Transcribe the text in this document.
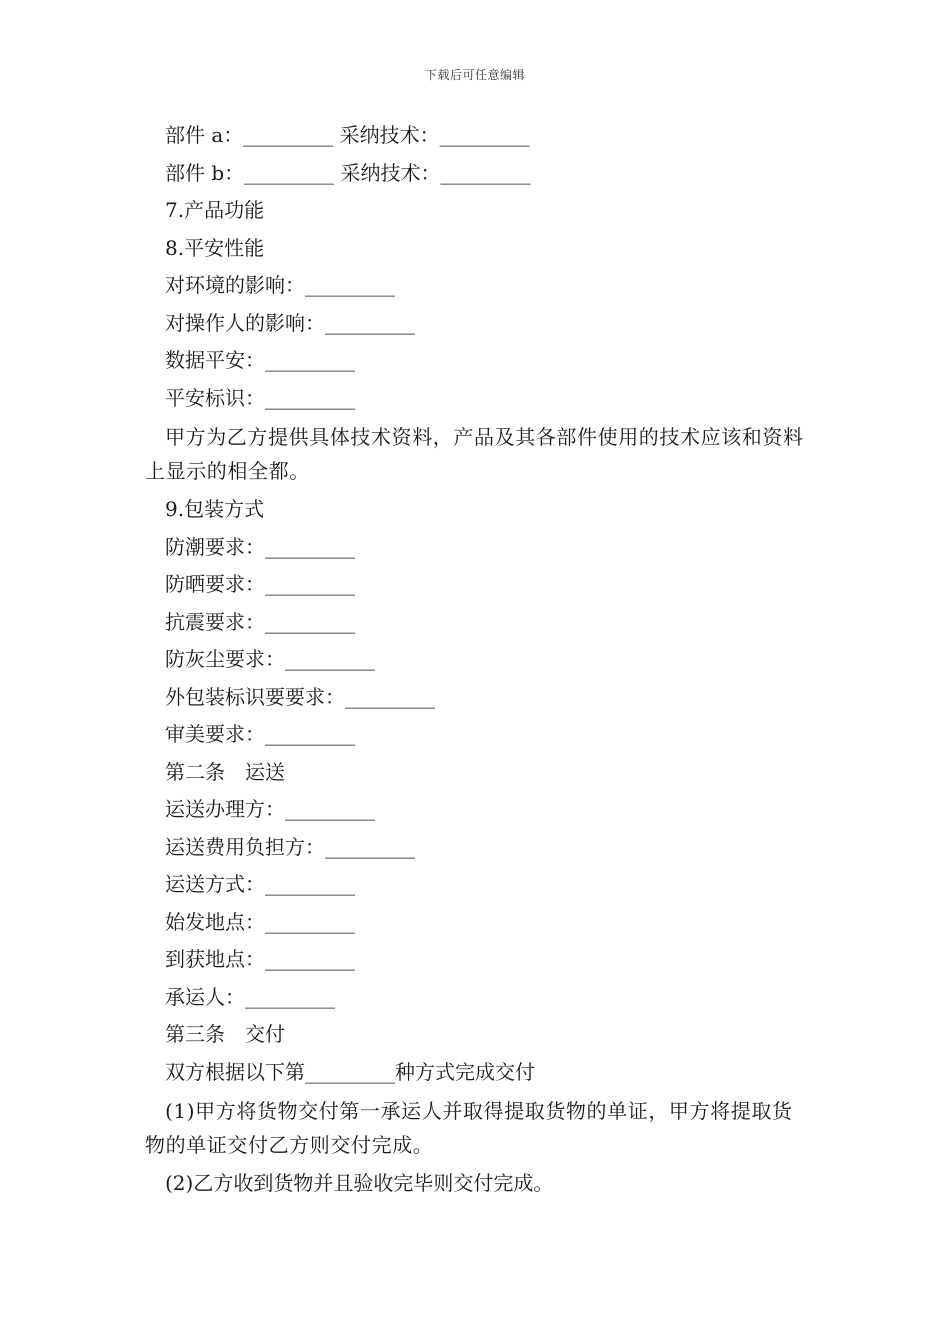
下载后可任意编辑
部件 a：_________ 采纳技术：_________
部件 b：_________ 采纳技术：_________
7.产品功能
8.平安性能
对环境的影响：_________
对操作人的影响：_________
数据平安：_________
平安标识：_________
甲方为乙方提供具体技术资料，产品及其各部件使用的技术应该和资料上显示的相全都。
9.包装方式
防潮要求：_________
防晒要求：_________
抗震要求：_________
防灰尘要求：_________
外包装标识要要求：_________
审美要求：_________
第二条　运送
运送办理方：_________
运送费用负担方：_________
运送方式：_________
始发地点：_________
到获地点：_________
承运人：_________
第三条　交付
双方根据以下第_________种方式完成交付
(1)甲方将货物交付第一承运人并取得提取货物的单证，甲方将提取货物的单证交付乙方则交付完成。
(2)乙方收到货物并且验收完毕则交付完成。
